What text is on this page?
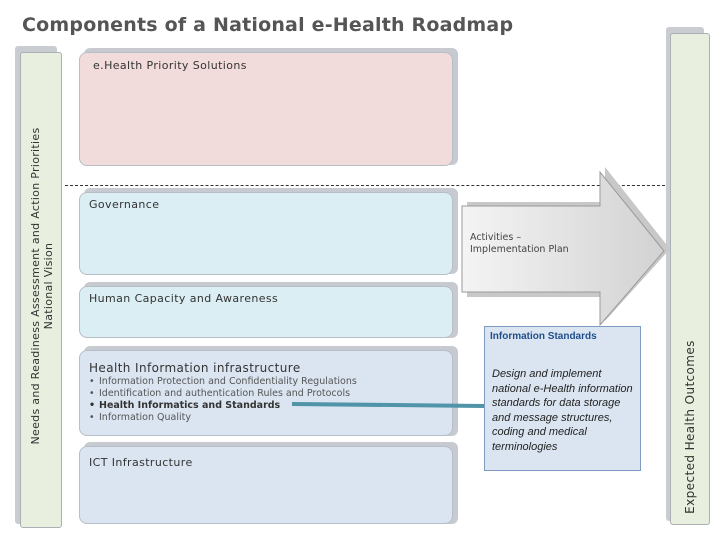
Components of a National e-Health Roadmap
Needs and Readiness Assessment and Action Priorities National Vision
Expected Health Outcomes
e.Health Priority Solutions
Governance
Human Capacity and Awareness
Health Information infrastructure
• Information Protection and Confidentiality Regulations
• Identification and authentication Rules and Protocols
• Health Informatics and Standards
• Information Quality
ICT Infrastructure
Activities –
Implementation Plan
Information Standards
Design and implement national e-Health information standards for data storage and message structures, coding and medical terminologies
